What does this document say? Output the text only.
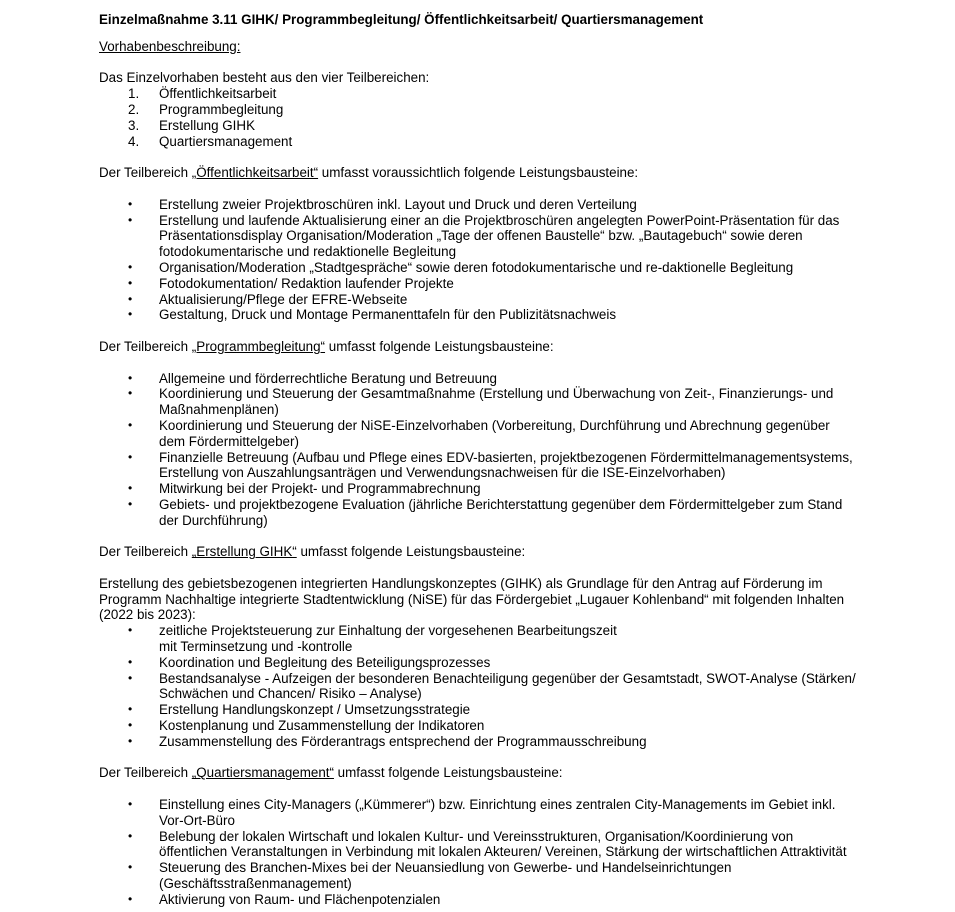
Einzelmaßnahme 3.11 GIHK/ Programmbegleitung/ Öffentlichkeitsarbeit/ Quartiersmanagement

Vorhabenbeschreibung:

Das Einzelvorhaben besteht aus den vier Teilbereichen:

1. Öffentlichkeitsarbeit
2. Programmbegleitung
3. Erstellung GIHK
4. Quartiersmanagement

Der Teilbereich „Öffentlichkeitsarbeit“ umfasst voraussichtlich folgende Leistungsbausteine:

• Erstellung zweier Projektbroschüren inkl. Layout und Druck und deren Verteilung
• Erstellung und laufende Aktualisierung einer an die Projektbroschüren angelegten PowerPoint-Präsentation für das Präsentationsdisplay Organisation/Moderation „Tage der offenen Baustelle“ bzw. „Bautagebuch“ sowie deren fotodokumentarische und redaktionelle Begleitung
• Organisation/Moderation „Stadtgespräche“ sowie deren fotodokumentarische und re-daktionelle Begleitung
• Fotodokumentation/ Redaktion laufender Projekte
• Aktualisierung/Pflege der EFRE-Webseite
• Gestaltung, Druck und Montage Permanenttafeln für den Publizitätsnachweis

Der Teilbereich „Programmbegleitung“ umfasst folgende Leistungsbausteine:

• Allgemeine und förderrechtliche Beratung und Betreuung
• Koordinierung und Steuerung der Gesamtmaßnahme (Erstellung und Überwachung von Zeit-, Finanzierungs- und Maßnahmenplänen)
• Koordinierung und Steuerung der NiSE-Einzelvorhaben (Vorbereitung, Durchführung und Abrechnung gegenüber dem Fördermittelgeber)
• Finanzielle Betreuung (Aufbau und Pflege eines EDV-basierten, projektbezogenen Fördermittelmanagementsystems, Erstellung von Auszahlungsanträgen und Verwendungsnachweisen für die ISE-Einzelvorhaben)
• Mitwirkung bei der Projekt- und Programmabrechnung
• Gebiets- und projektbezogene Evaluation (jährliche Berichterstattung gegenüber dem Fördermittelgeber zum Stand der Durchführung)

Der Teilbereich „Erstellung GIHK“ umfasst folgende Leistungsbausteine:

Erstellung des gebietsbezogenen integrierten Handlungskonzeptes (GIHK) als Grundlage für den Antrag auf Förderung im Programm Nachhaltige integrierte Stadtentwicklung (NiSE) für das Fördergebiet „Lugauer Kohlenband“ mit folgenden Inhalten (2022 bis 2023):

• zeitliche Projektsteuerung zur Einhaltung der vorgesehenen Bearbeitungszeit
mit Terminsetzung und -kontrolle
• Koordination und Begleitung des Beteiligungsprozesses
• Bestandsanalyse - Aufzeigen der besonderen Benachteiligung gegenüber der Gesamtstadt, SWOT-Analyse (Stärken/ Schwächen und Chancen/ Risiko – Analyse)
• Erstellung Handlungskonzept / Umsetzungsstrategie
• Kostenplanung und Zusammenstellung der Indikatoren
• Zusammenstellung des Förderantrags entsprechend der Programmausschreibung

Der Teilbereich „Quartiersmanagement“ umfasst folgende Leistungsbausteine:

• Einstellung eines City-Managers („Kümmerer“) bzw. Einrichtung eines zentralen City-Managements im Gebiet inkl. Vor-Ort-Büro
• Belebung der lokalen Wirtschaft und lokalen Kultur- und Vereinsstrukturen, Organisation/Koordinierung von öffentlichen Veranstaltungen in Verbindung mit lokalen Akteuren/ Vereinen, Stärkung der wirtschaftlichen Attraktivität
• Steuerung des Branchen-Mixes bei der Neuansiedlung von Gewerbe- und Handelseinrichtungen (Geschäftsstraßenmanagement)
• Aktivierung von Raum- und Flächenpotenzialen
